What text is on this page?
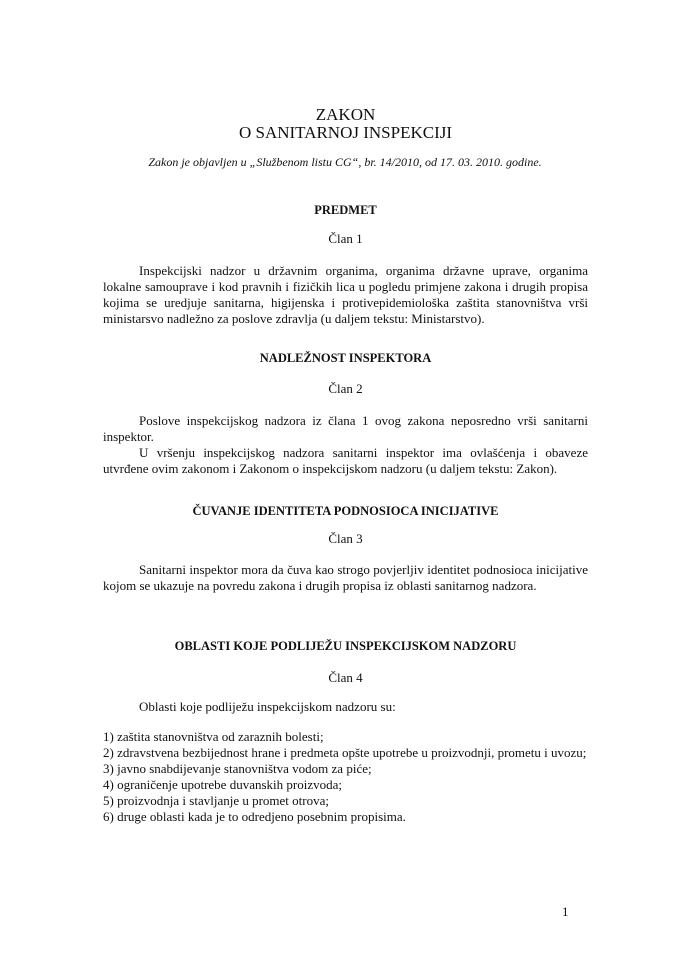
ZAKON
O SANITARNOJ INSPEKCIJI
Zakon je objavljen u „Službenom listu CG“, br. 14/2010, od 17. 03. 2010. godine.
PREDMET
Član 1
Inspekcijski nadzor u državnim organima, organima državne uprave, organima lokalne samouprave i kod pravnih i fizičkih lica u pogledu primjene zakona i drugih propisa kojima se uredjuje sanitarna, higijenska i protivepidemiološka zaštita stanovništva vrši ministarsvo nadležno za poslove zdravlja (u daljem tekstu: Ministarstvo).
NADLEŽNOST INSPEKTORA
Član 2
Poslove inspekcijskog nadzora iz člana 1 ovog zakona neposredno vrši sanitarni inspektor.
U vršenju inspekcijskog nadzora sanitarni inspektor ima ovlašćenja i obaveze utvrđene ovim zakonom i Zakonom o inspekcijskom nadzoru (u daljem tekstu: Zakon).
ČUVANJE IDENTITETA PODNOSIOCA INICIJATIVE
Član 3
Sanitarni inspektor mora da čuva kao strogo povjerljiv identitet podnosioca inicijative kojom se ukazuje na povredu zakona i drugih propisa iz oblasti sanitarnog nadzora.
OBLASTI KOJE PODLIJEŽU INSPEKCIJSKOM NADZORU
Član 4
Oblasti koje podliježu inspekcijskom nadzoru su:
1) zaštita stanovništva od zaraznih bolesti;
2) zdravstvena bezbijednost hrane i predmeta opšte upotrebe u proizvodnji, prometu i uvozu;
3) javno snabdijevanje stanovništva vodom za piće;
4) ograničenje upotrebe duvanskih proizvoda;
5) proizvodnja i stavljanje u promet otrova;
6) druge oblasti kada je to odredjeno posebnim propisima.
1
